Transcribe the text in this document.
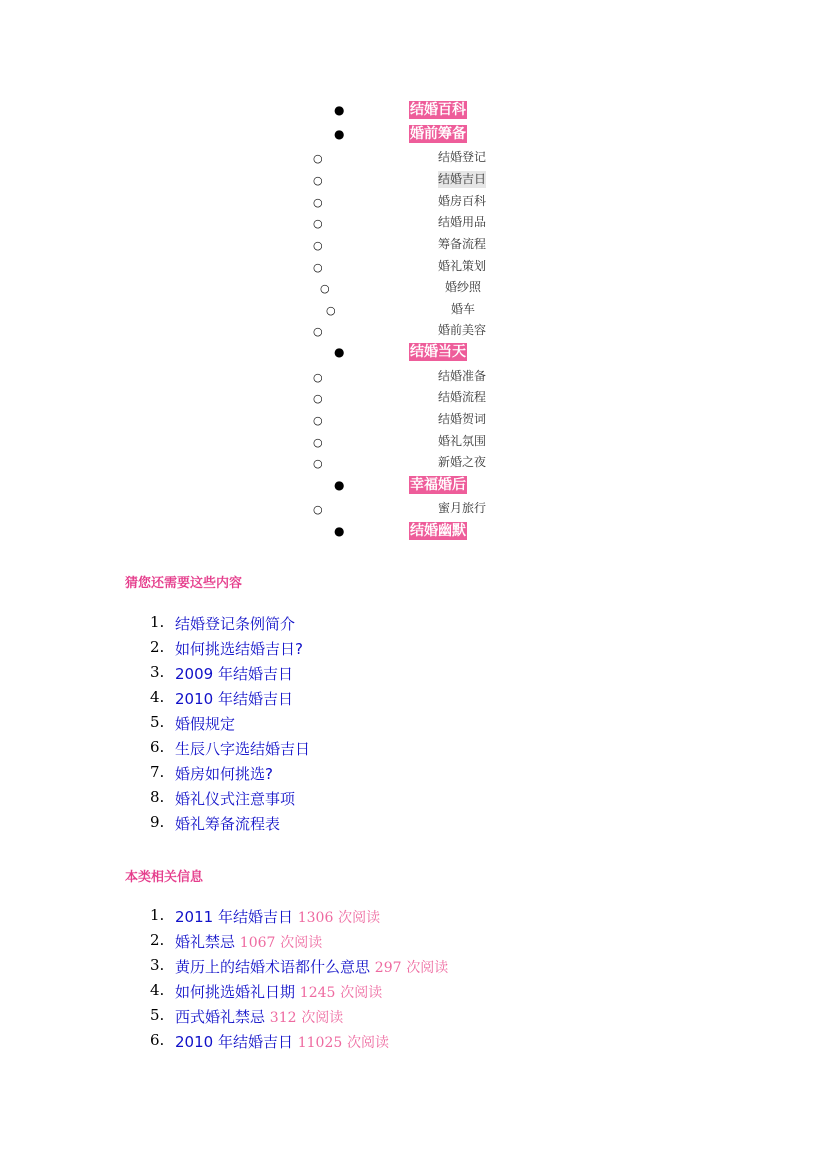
●	结婚百科
●	婚前筹备
○	结婚登记
○	结婚吉日
○	婚房百科
○	结婚用品
○	筹备流程
○	婚礼策划
○	婚纱照
○	婚车
○	婚前美容
●	结婚当天
○	结婚准备
○	结婚流程
○	结婚贺词
○	婚礼氛围
○	新婚之夜
●	幸福婚后
○	蜜月旅行
●	结婚幽默
猜您还需要这些内容
1. 结婚登记条例简介
2. 如何挑选结婚吉日?
3. 2009 年结婚吉日
4. 2010 年结婚吉日
5. 婚假规定
6. 生辰八字选结婚吉日
7. 婚房如何挑选?
8. 婚礼仪式注意事项
9. 婚礼筹备流程表
本类相关信息
1. 2011 年结婚吉日 1306 次阅读
2. 婚礼禁忌 1067 次阅读
3. 黄历上的结婚术语都什么意思 297 次阅读
4. 如何挑选婚礼日期 1245 次阅读
5. 西式婚礼禁忌 312 次阅读
6. 2010 年结婚吉日 11025 次阅读
